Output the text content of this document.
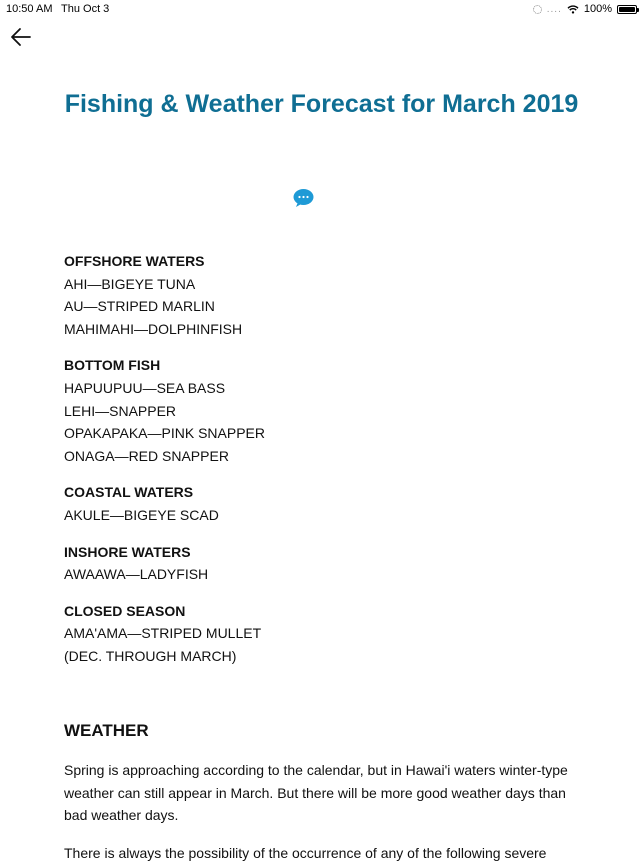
10:50 AM Thu Oct 3	.... 100%
Fishing & Weather Forecast for March 2019
OFFSHORE WATERS
AHI—BIGEYE TUNA
AU—STRIPED MARLIN
MAHIMAHI—DOLPHINFISH
BOTTOM FISH
HAPUUPUU—SEA BASS
LEHI—SNAPPER
OPAKAPAKA—PINK SNAPPER
ONAGA—RED SNAPPER
COASTAL WATERS
AKULE—BIGEYE SCAD
INSHORE WATERS
AWAAWA—LADYFISH
CLOSED SEASON
AMA'AMA—STRIPED MULLET
(DEC. THROUGH MARCH)
WEATHER

Spring is approaching according to the calendar, but in Hawai'i waters winter-type weather can still appear in March. But there will be more good weather days than bad weather days.

There is always the possibility of the occurrence of any of the following severe
